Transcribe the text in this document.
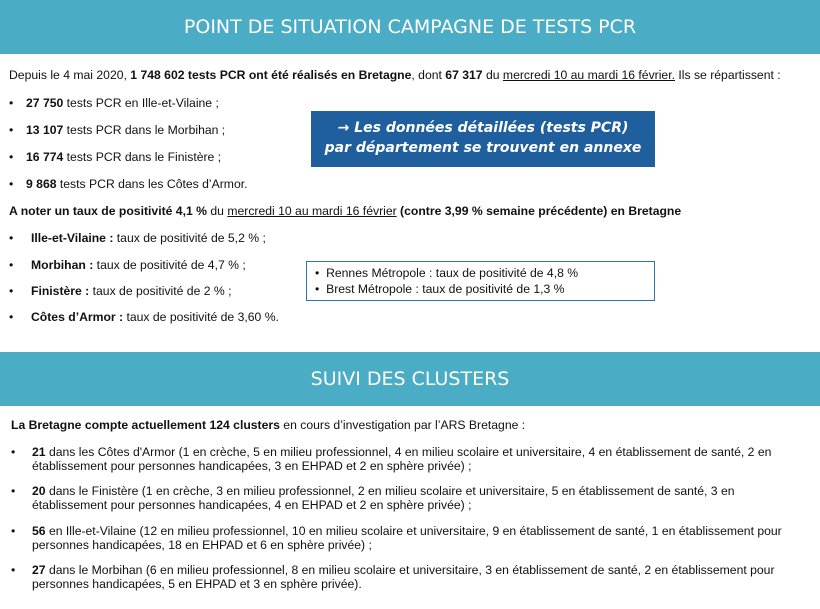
POINT DE SITUATION CAMPAGNE DE TESTS PCR
Depuis le 4 mai 2020, 1 748 602 tests PCR ont été réalisés en Bretagne, dont 67 317 du mercredi 10 au mardi 16 février. Ils se répartissent :
• 27 750 tests PCR en Ille-et-Vilaine ;
• 13 107 tests PCR dans le Morbihan ;
• 16 774 tests PCR dans le Finistère ;
• 9 868 tests PCR dans les Côtes d’Armor.
→ Les données détaillées (tests PCR)
par département se trouvent en annexe
A noter un taux de positivité 4,1 % du mercredi 10 au mardi 16 février (contre 3,99 % semaine précédente) en Bretagne
• Ille-et-Vilaine : taux de positivité de 5,2 % ;
• Morbihan : taux de positivité de 4,7 % ;
• Finistère : taux de positivité de 2 % ;
• Côtes d’Armor : taux de positivité de 3,60 %.
• Rennes Métropole : taux de positivité de 4,8 %
• Brest Métropole : taux de positivité de 1,3 %
SUIVI DES CLUSTERS
La Bretagne compte actuellement 124 clusters en cours d’investigation par l’ARS Bretagne :
• 21 dans les Côtes d'Armor (1 en crèche, 5 en milieu professionnel, 4 en milieu scolaire et universitaire, 4 en établissement de santé, 2 en établissement pour personnes handicapées, 3 en EHPAD et 2 en sphère privée) ;
• 20 dans le Finistère (1 en crèche, 3 en milieu professionnel, 2 en milieu scolaire et universitaire, 5 en établissement de santé, 3 en établissement pour personnes handicapées, 4 en EHPAD et 2 en sphère privée) ;
• 56 en Ille-et-Vilaine (12 en milieu professionnel, 10 en milieu scolaire et universitaire, 9 en établissement de santé, 1 en établissement pour personnes handicapées, 18 en EHPAD et 6 en sphère privée) ;
• 27 dans le Morbihan (6 en milieu professionnel, 8 en milieu scolaire et universitaire, 3 en établissement de santé, 2 en établissement pour personnes handicapées, 5 en EHPAD et 3 en sphère privée).
